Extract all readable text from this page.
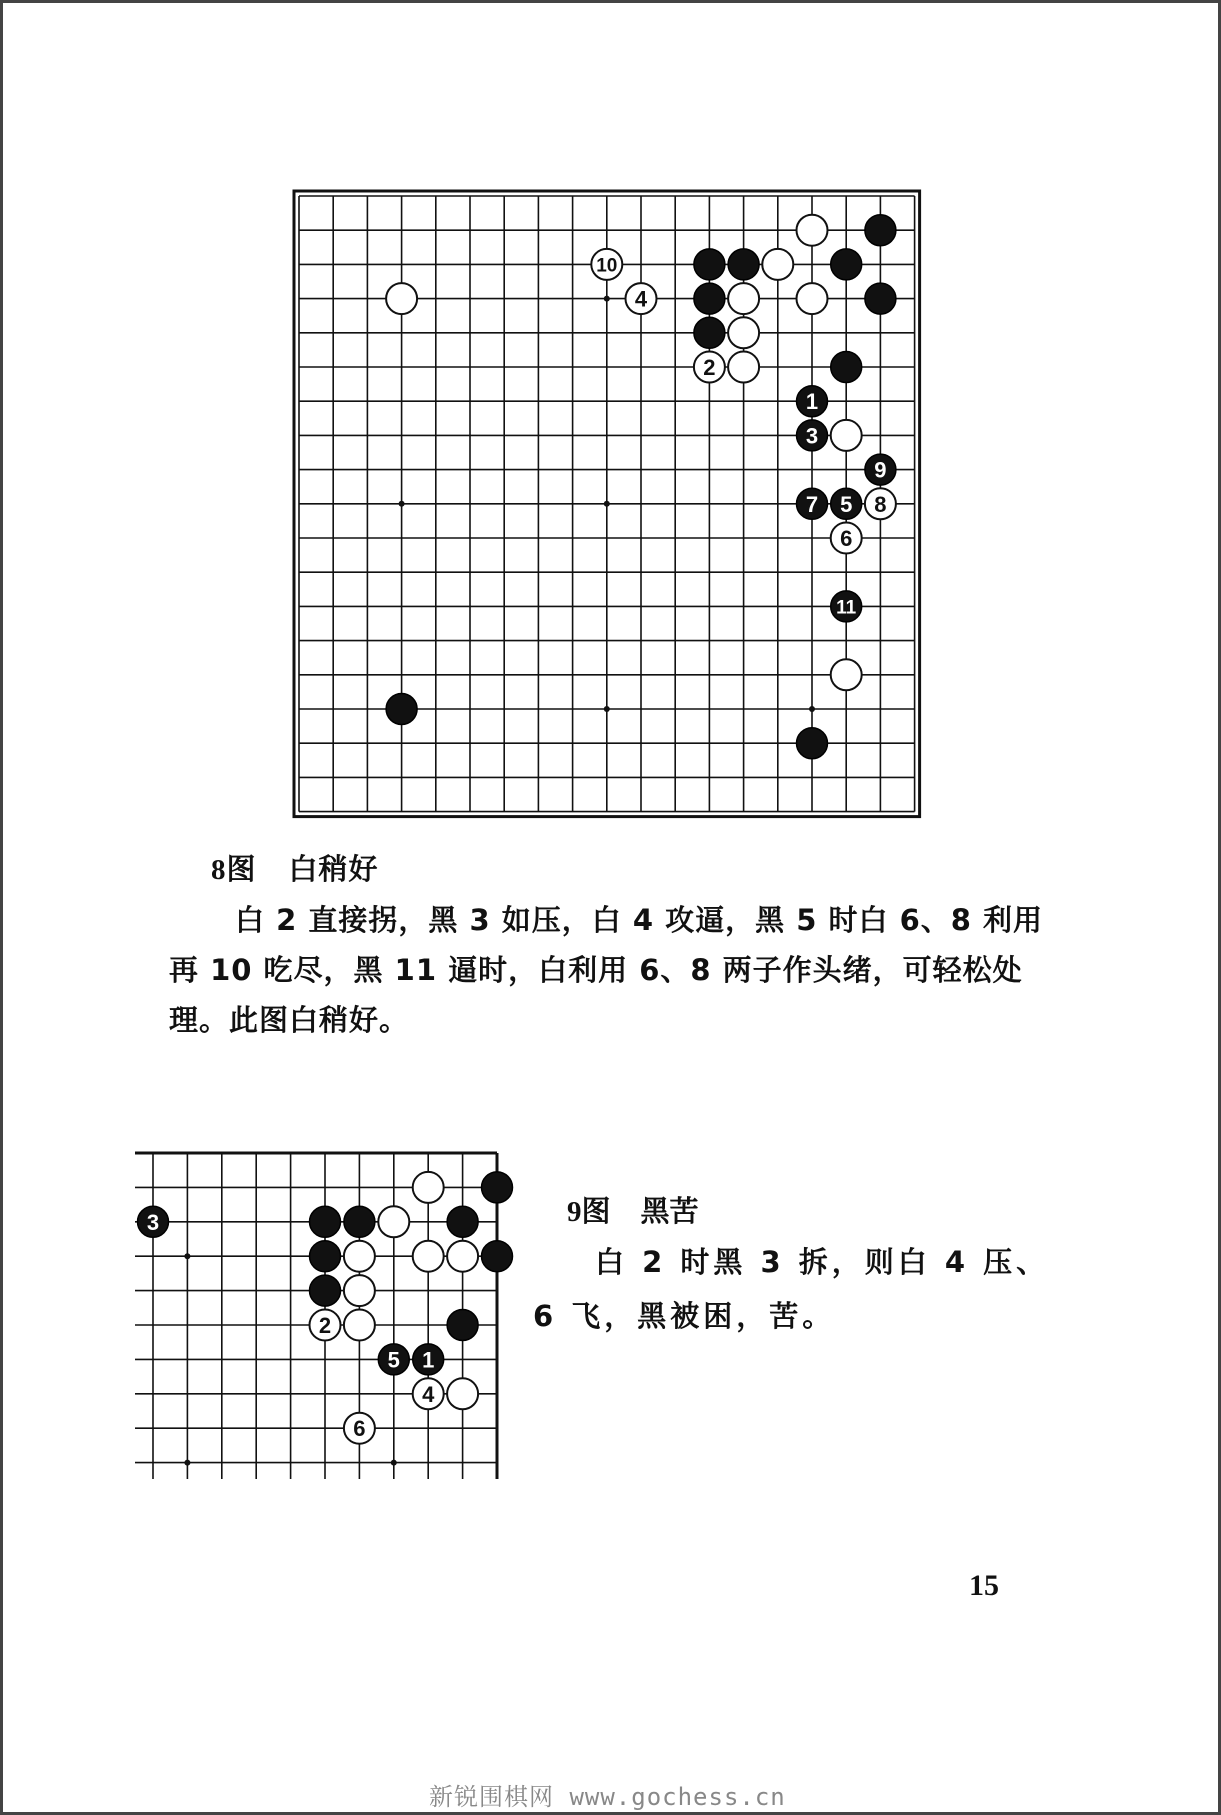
10
4
2
1
3
9
7 5 8
6
11
8图 白稍好
白 2 直接拐，黑 3 如压，白 4 攻逼，黑 5 时白 6、8 利用再 10 吃尽，黑 11 逼时，白利用 6、8 两子作头绪，可轻松处理。此图白稍好。
3
2
5 1
4
6
9图 黑苦
白 2 时黑 3 拆，则白 4 压、6 飞，黑被困，苦。
15
新锐围棋网 www.gochess.cn
